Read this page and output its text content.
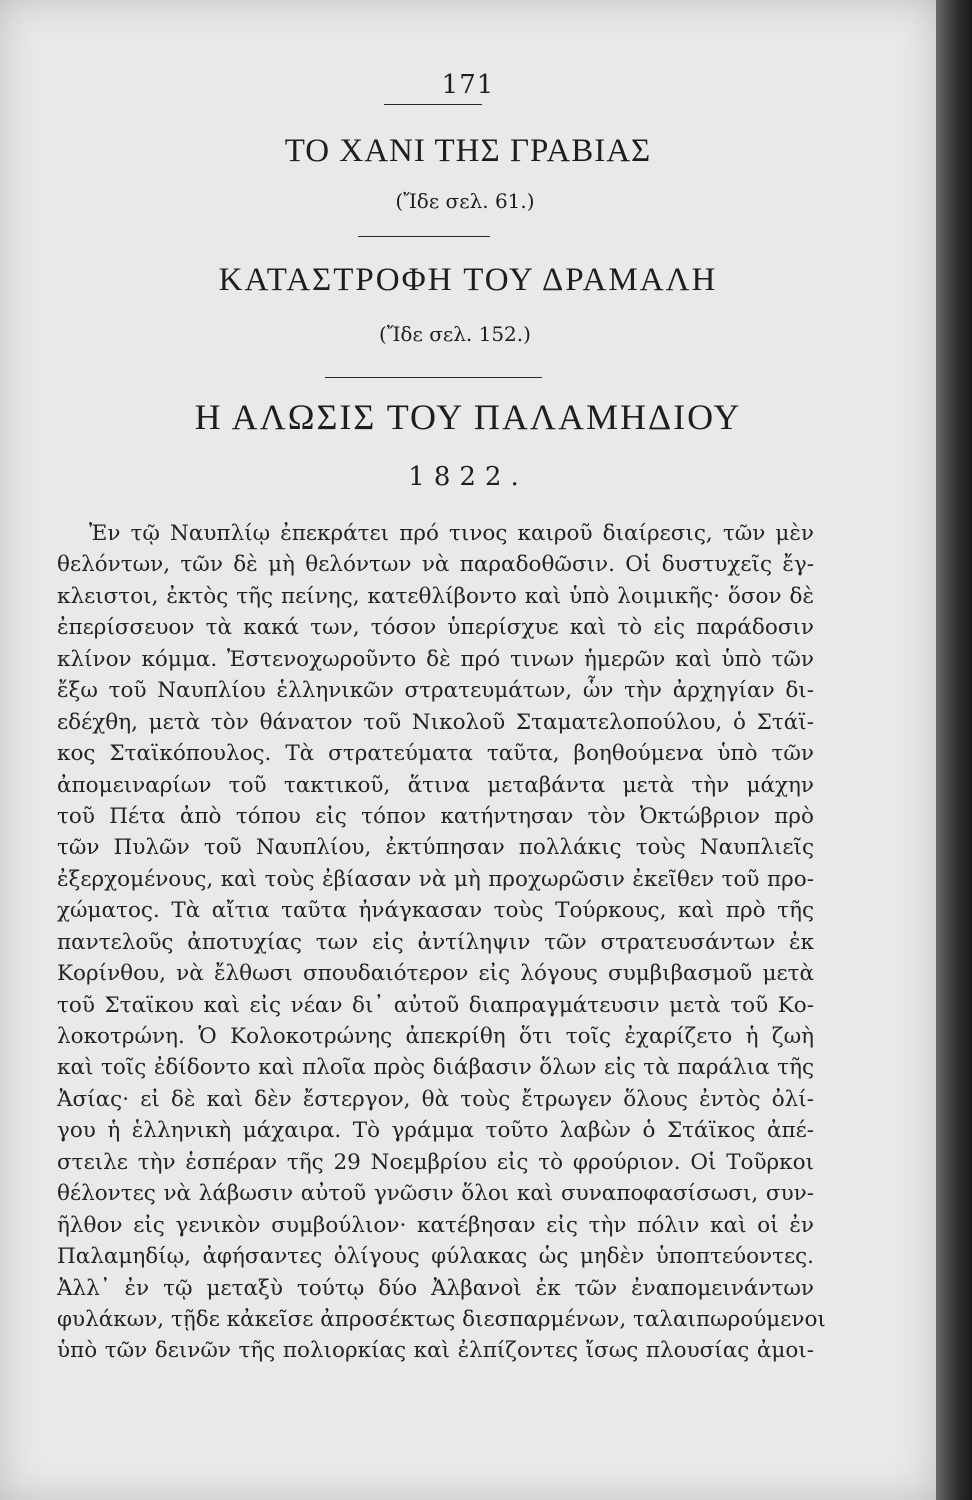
171
ΤΟ ΧΑΝΙ ΤΗΣ ΓΡΑΒΙΑΣ
(Ἴδε σελ. 61.)
ΚΑΤΑΣΤΡΟΦΗ ΤΟΥ ΔΡΑΜΑΛΗ
(Ἴδε σελ. 152.)
Η ΑΛΩΣΙΣ ΤΟΥ ΠΑΛΑΜΗΔΙΟΥ
1822.
Ἐν τῷ Ναυπλίῳ ἐπεκράτει πρό τινος καιροῦ διαίρεσις, τῶν μὲν
θελόντων, τῶν δὲ μὴ θελόντων νὰ παραδοθῶσιν. Οἱ δυστυχεῖς ἔγ-
κλειστοι, ἐκτὸς τῆς πείνης, κατεθλίβοντο καὶ ὑπὸ λοιμικῆς· ὅσον δὲ
ἐπερίσσευον τὰ κακά των, τόσον ὑπερίσχυε καὶ τὸ εἰς παράδοσιν
κλίνον κόμμα. Ἐστενοχωροῦντο δὲ πρό τινων ἡμερῶν καὶ ὑπὸ τῶν
ἔξω τοῦ Ναυπλίου ἑλληνικῶν στρατευμάτων, ὧν τὴν ἀρχηγίαν δι-
εδέχθη, μετὰ τὸν θάνατον τοῦ Νικολοῦ Σταματελοπούλου, ὁ Στάϊ-
κος Σταϊκόπουλος. Τὰ στρατεύματα ταῦτα, βοηθούμενα ὑπὸ τῶν
ἀπομειναρίων τοῦ τακτικοῦ, ἅτινα μεταβάντα μετὰ τὴν μάχην
τοῦ Πέτα ἀπὸ τόπου εἰς τόπον κατήντησαν τὸν Ὀκτώβριον πρὸ
τῶν Πυλῶν τοῦ Ναυπλίου, ἐκτύπησαν πολλάκις τοὺς Ναυπλιεῖς
ἐξερχομένους, καὶ τοὺς ἐβίασαν νὰ μὴ προχωρῶσιν ἐκεῖθεν τοῦ προ-
χώματος. Τὰ αἴτια ταῦτα ἠνάγκασαν τοὺς Τούρκους, καὶ πρὸ τῆς
παντελοῦς ἀποτυχίας των εἰς ἀντίληψιν τῶν στρατευσάντων ἐκ
Κορίνθου, νὰ ἔλθωσι σπουδαιότερον εἰς λόγους συμβιβασμοῦ μετὰ
τοῦ Σταϊκου καὶ εἰς νέαν δι᾽ αὐτοῦ διαπραγμάτευσιν μετὰ τοῦ Κο-
λοκοτρώνη. Ὁ Κολοκοτρώνης ἀπεκρίθη ὅτι τοῖς ἐχαρίζετο ἡ ζωὴ
καὶ τοῖς ἐδίδοντο καὶ πλοῖα πρὸς διάβασιν ὅλων εἰς τὰ παράλια τῆς
Ἀσίας· εἰ δὲ καὶ δὲν ἔστεργον, θὰ τοὺς ἔτρωγεν ὅλους ἐντὸς ὀλί-
γου ἡ ἑλληνικὴ μάχαιρα. Τὸ γράμμα τοῦτο λαβὼν ὁ Στάϊκος ἀπέ-
στειλε τὴν ἑσπέραν τῆς 29 Νοεμβρίου εἰς τὸ φρούριον. Οἱ Τοῦρκοι
θέλοντες νὰ λάβωσιν αὐτοῦ γνῶσιν ὅλοι καὶ συναποφασίσωσι, συν-
ῆλθον εἰς γενικὸν συμβούλιον· κατέβησαν εἰς τὴν πόλιν καὶ οἱ ἐν
Παλαμηδίῳ, ἀφήσαντες ὀλίγους φύλακας ὡς μηδὲν ὑποπτεύοντες.
Ἀλλ᾽ ἐν τῷ μεταξὺ τούτῳ δύο Ἀλβανοὶ ἐκ τῶν ἐναπομεινάντων
φυλάκων, τῇδε κἀκεῖσε ἀπροσέκτως διεσπαρμένων, ταλαιπωρούμενοι
ὑπὸ τῶν δεινῶν τῆς πολιορκίας καὶ ἐλπίζοντες ἴσως πλουσίας ἀμοι-
